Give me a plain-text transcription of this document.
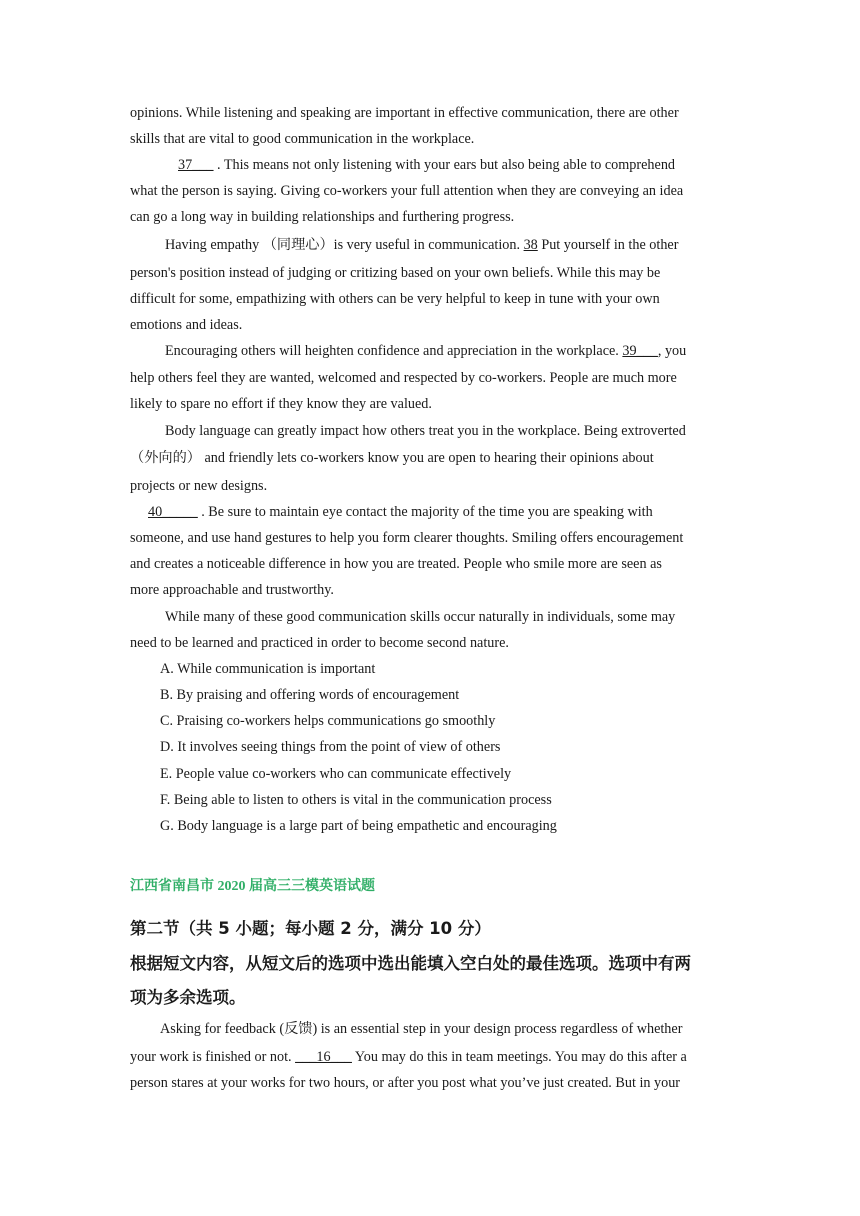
opinions. While listening and speaking are important in effective communication, there are other
skills that are vital to good communication in the workplace.
37___ . This means not only listening with your ears but also being able to comprehend
what the person is saying. Giving co-workers your full attention when they are conveying an idea
can go a long way in building relationships and furthering progress.
Having empathy （同理心）is very useful in communication. 38 Put yourself in the other
person's position instead of judging or critizing based on your own beliefs. While this may be
difficult for some, empathizing with others can be very helpful to keep in tune with your own
emotions and ideas.
Encouraging others will heighten confidence and appreciation in the workplace. 39___, you
help others feel they are wanted, welcomed and respected by co-workers. People are much more
likely to spare no effort if they know they are valued.
Body language can greatly impact how others treat you in the workplace. Being extroverted
（外向的） and friendly lets co-workers know you are open to hearing their opinions about
projects or new designs.
40_____ . Be sure to maintain eye contact the majority of the time you are speaking with
someone, and use hand gestures to help you form clearer thoughts. Smiling offers encouragement
and creates a noticeable difference in how you are treated. People who smile more are seen as
more approachable and trustworthy.
While many of these good communication skills occur naturally in individuals, some may
need to be learned and practiced in order to become second nature.
A. While communication is important
B. By praising and offering words of encouragement
C. Praising co-workers helps communications go smoothly
D. It involves seeing things from the point of view of others
E. People value co-workers who can communicate effectively
F. Being able to listen to others is vital in the communication process
G. Body language is a large part of being empathetic and encouraging
江西省南昌市 2020 届高三三模英语试题
第二节（共 5 小题；每小题 2 分，满分 10 分）
根据短文内容，从短文后的选项中选出能填入空白处的最佳选项。选项中有两
项为多余选项。
Asking for feedback (反馈) is an essential step in your design process regardless of whether
your work is finished or not. ___16___ You may do this in team meetings. You may do this after a
person stares at your works for two hours, or after you post what you’ve just created. But in your
